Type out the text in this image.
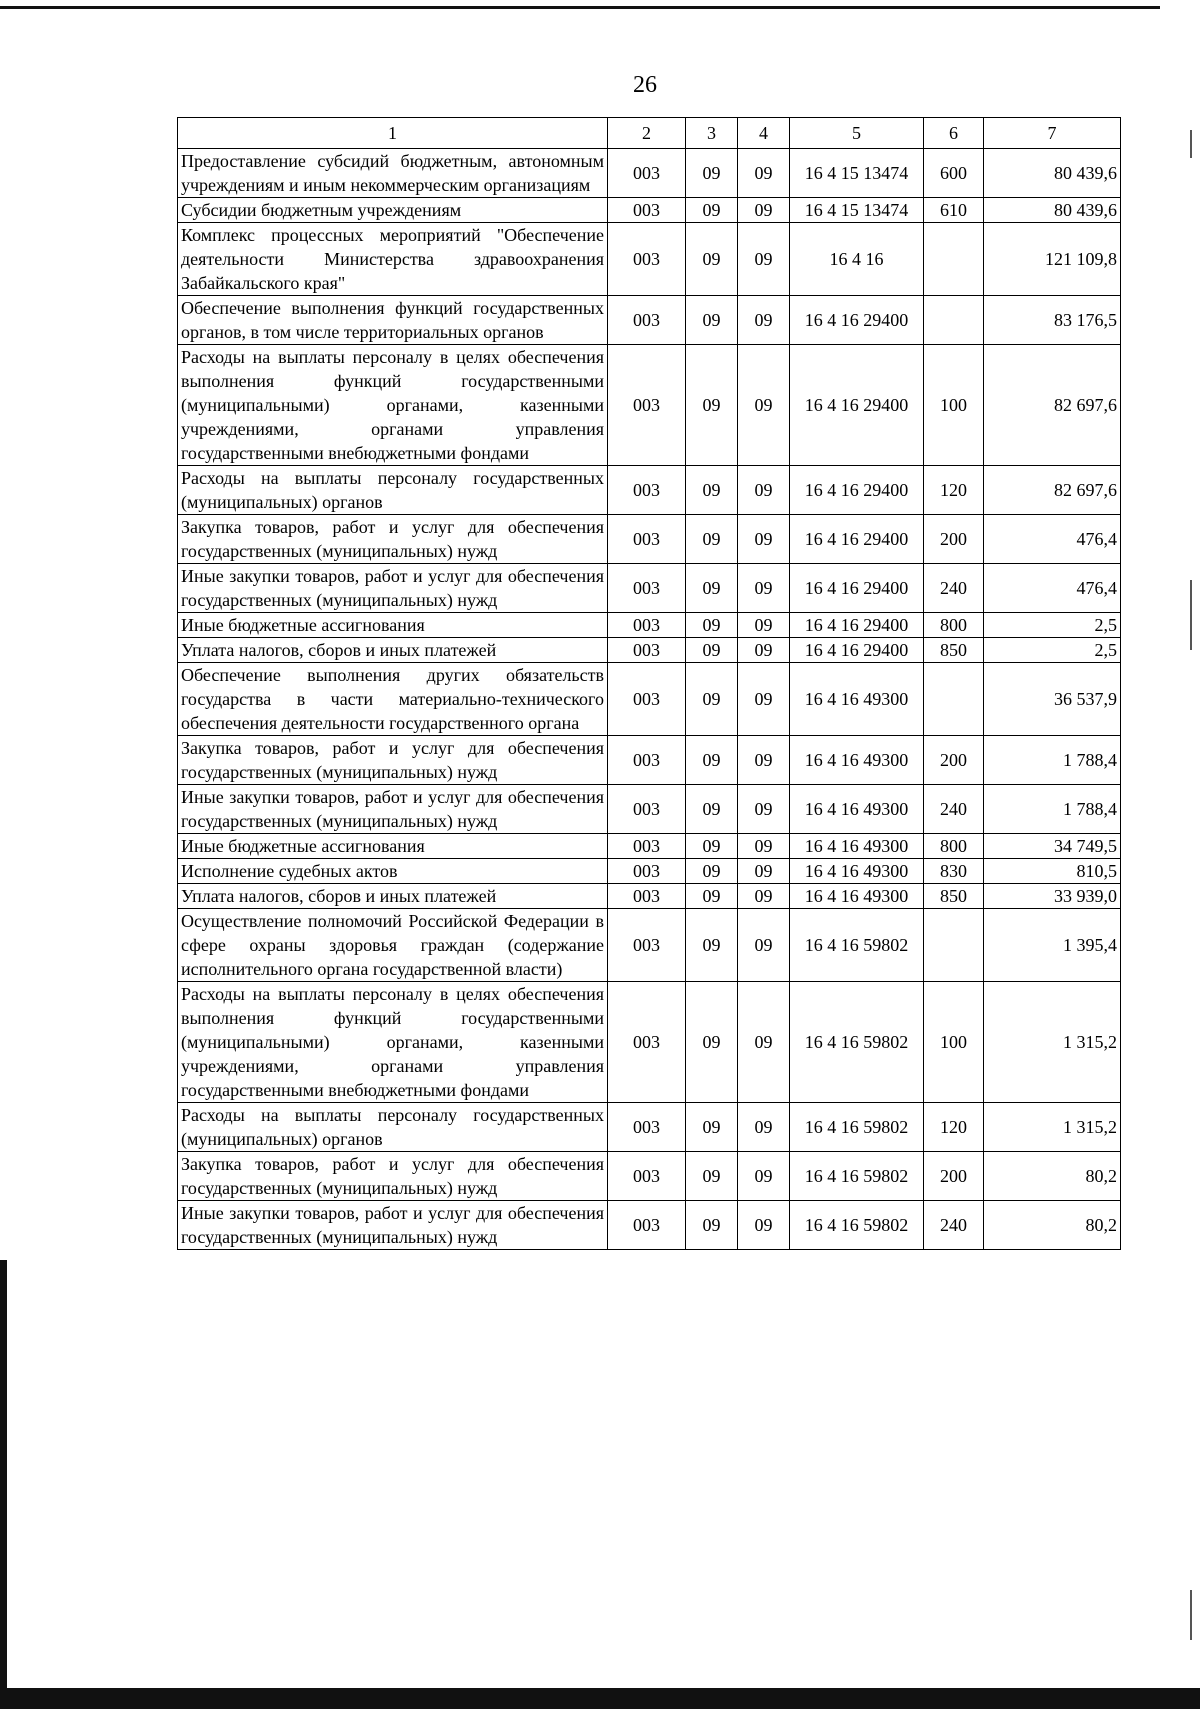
26
1	2	3	4	5	6	7
Предоставление субсидий бюджетным, автономным учреждениям и иным некоммерческим организациям	003	09	09	16 4 15 13474	600	80 439,6
Субсидии бюджетным учреждениям	003	09	09	16 4 15 13474	610	80 439,6
Комплекс процессных мероприятий "Обеспечение деятельности Министерства здравоохранения Забайкальского края"	003	09	09	16 4 16		121 109,8
Обеспечение выполнения функций государственных органов, в том числе территориальных органов	003	09	09	16 4 16 29400		83 176,5
Расходы на выплаты персоналу в целях обеспечения выполнения функций государственными (муниципальными) органами, казенными учреждениями, органами управления государственными внебюджетными фондами	003	09	09	16 4 16 29400	100	82 697,6
Расходы на выплаты персоналу государственных (муниципальных) органов	003	09	09	16 4 16 29400	120	82 697,6
Закупка товаров, работ и услуг для обеспечения государственных (муниципальных) нужд	003	09	09	16 4 16 29400	200	476,4
Иные закупки товаров, работ и услуг для обеспечения государственных (муниципальных) нужд	003	09	09	16 4 16 29400	240	476,4
Иные бюджетные ассигнования	003	09	09	16 4 16 29400	800	2,5
Уплата налогов, сборов и иных платежей	003	09	09	16 4 16 29400	850	2,5
Обеспечение выполнения других обязательств государства в части материально-технического обеспечения деятельности государственного органа	003	09	09	16 4 16 49300		36 537,9
Закупка товаров, работ и услуг для обеспечения государственных (муниципальных) нужд	003	09	09	16 4 16 49300	200	1 788,4
Иные закупки товаров, работ и услуг для обеспечения государственных (муниципальных) нужд	003	09	09	16 4 16 49300	240	1 788,4
Иные бюджетные ассигнования	003	09	09	16 4 16 49300	800	34 749,5
Исполнение судебных актов	003	09	09	16 4 16 49300	830	810,5
Уплата налогов, сборов и иных платежей	003	09	09	16 4 16 49300	850	33 939,0
Осуществление полномочий Российской Федерации в сфере охраны здоровья граждан (содержание исполнительного органа государственной власти)	003	09	09	16 4 16 59802		1 395,4
Расходы на выплаты персоналу в целях обеспечения выполнения функций государственными (муниципальными) органами, казенными учреждениями, органами управления государственными внебюджетными фондами	003	09	09	16 4 16 59802	100	1 315,2
Расходы на выплаты персоналу государственных (муниципальных) органов	003	09	09	16 4 16 59802	120	1 315,2
Закупка товаров, работ и услуг для обеспечения государственных (муниципальных) нужд	003	09	09	16 4 16 59802	200	80,2
Иные закупки товаров, работ и услуг для обеспечения государственных (муниципальных) нужд	003	09	09	16 4 16 59802	240	80,2
